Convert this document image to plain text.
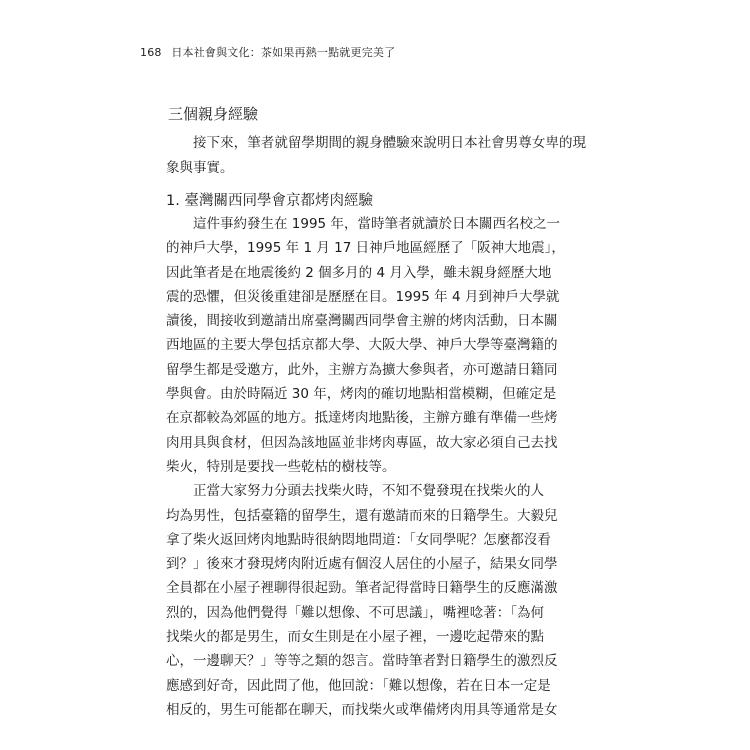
168 日本社會與文化：茶如果再熱一點就更完美了
三個親身經驗
接下來，筆者就留學期間的親身體驗來說明日本社會男尊女卑的現象與事實。
1. 臺灣關西同學會京都烤肉經驗
這件事約發生在 1995 年，當時筆者就讀於日本關西名校之一
的神戶大學，1995 年 1 月 17 日神戶地區經歷了「阪神大地震」，
因此筆者是在地震後約 2 個多月的 4 月入學，雖未親身經歷大地
震的恐懼，但災後重建卻是歷歷在目。1995 年 4 月到神戶大學就
讀後，間接收到邀請出席臺灣關西同學會主辦的烤肉活動，日本關
西地區的主要大學包括京都大學、大阪大學、神戶大學等臺灣籍的
留學生都是受邀方，此外，主辦方為擴大參與者，亦可邀請日籍同
學與會。由於時隔近 30 年，烤肉的確切地點相當模糊，但確定是
在京都較為郊區的地方。抵達烤肉地點後，主辦方雖有準備一些烤
肉用具與食材，但因為該地區並非烤肉專區，故大家必須自己去找
柴火，特別是要找一些乾枯的樹枝等。
正當大家努力分頭去找柴火時，不知不覺發現在找柴火的人
均為男性，包括臺籍的留學生，還有邀請而來的日籍學生。大毅兒
拿了柴火返回烤肉地點時很納悶地問道：「女同學呢？怎麼都沒看
到？」後來才發現烤肉附近處有個沒人居住的小屋子，結果女同學
全員都在小屋子裡聊得很起勁。筆者記得當時日籍學生的反應滿激
烈的，因為他們覺得「難以想像、不可思議」，嘴裡唸著：「為何
找柴火的都是男生，而女生則是在小屋子裡，一邊吃起帶來的點
心，一邊聊天？」等等之類的怨言。當時筆者對日籍學生的激烈反
應感到好奇，因此問了他，他回說：「難以想像，若在日本一定是
相反的，男生可能都在聊天，而找柴火或準備烤肉用具等通常是女
